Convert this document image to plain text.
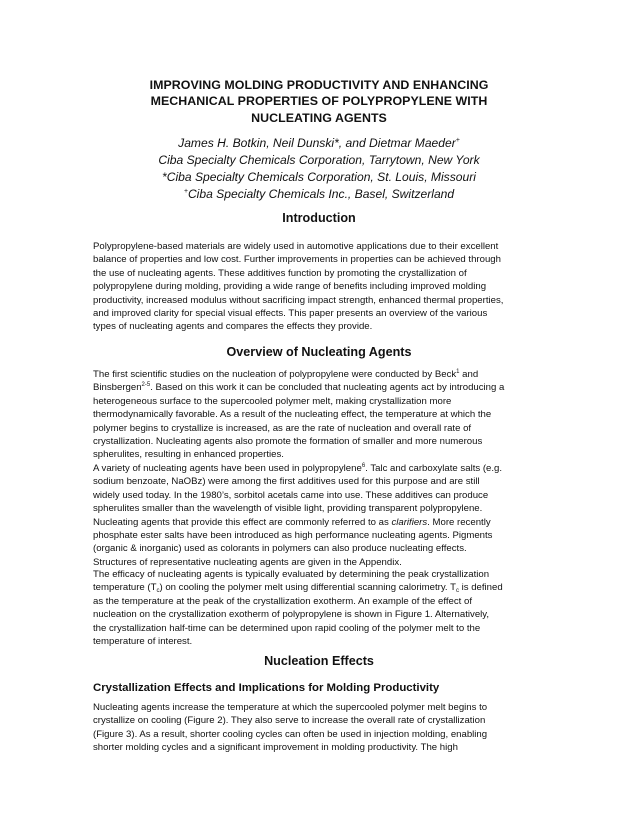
IMPROVING MOLDING PRODUCTIVITY AND ENHANCING
MECHANICAL PROPERTIES OF POLYPROPYLENE WITH
NUCLEATING AGENTS
James H. Botkin, Neil Dunski*, and Dietmar Maeder+
Ciba Specialty Chemicals Corporation, Tarrytown, New York
*Ciba Specialty Chemicals Corporation, St. Louis, Missouri
+Ciba Specialty Chemicals Inc., Basel, Switzerland
Introduction
Polypropylene-based materials are widely used in automotive applications due to their excellent
balance of properties and low cost. Further improvements in properties can be achieved through
the use of nucleating agents. These additives function by promoting the crystallization of
polypropylene during molding, providing a wide range of benefits including improved molding
productivity, increased modulus without sacrificing impact strength, enhanced thermal properties,
and improved clarity for special visual effects. This paper presents an overview of the various
types of nucleating agents and compares the effects they provide.
Overview of Nucleating Agents
The first scientific studies on the nucleation of polypropylene were conducted by Beck$^1$ and
Binsbergen$^{2-5}$. Based on this work it can be concluded that nucleating agents act by introducing a
heterogeneous surface to the supercooled polymer melt, making crystallization more
thermodynamically favorable. As a result of the nucleating effect, the temperature at which the
polymer begins to crystallize is increased, as are the rate of nucleation and overall rate of
crystallization. Nucleating agents also promote the formation of smaller and more numerous
spherulites, resulting in enhanced properties.
A variety of nucleating agents have been used in polypropylene$^6$. Talc and carboxylate salts (e.g.
sodium benzoate, NaOBz) were among the first additives used for this purpose and are still
widely used today. In the 1980’s, sorbitol acetals came into use. These additives can produce
spherulites smaller than the wavelength of visible light, providing transparent polypropylene.
Nucleating agents that provide this effect are commonly referred to as clarifiers. More recently
phosphate ester salts have been introduced as high performance nucleating agents. Pigments
(organic & inorganic) used as colorants in polymers can also produce nucleating effects.
Structures of representative nucleating agents are given in the Appendix.
The efficacy of nucleating agents is typically evaluated by determining the peak crystallization
temperature $(T_c)$ on cooling the polymer melt using differential scanning calorimetry. $T_c$ is defined
as the temperature at the peak of the crystallization exotherm. An example of the effect of
nucleation on the crystallization exotherm of polypropylene is shown in Figure 1. Alternatively,
the crystallization half-time can be determined upon rapid cooling of the polymer melt to the
temperature of interest.
Nucleation Effects
Crystallization Effects and Implications for Molding Productivity
Nucleating agents increase the temperature at which the supercooled polymer melt begins to
crystallize on cooling (Figure 2). They also serve to increase the overall rate of crystallization
(Figure 3). As a result, shorter cooling cycles can often be used in injection molding, enabling
shorter molding cycles and a significant improvement in molding productivity. The high
